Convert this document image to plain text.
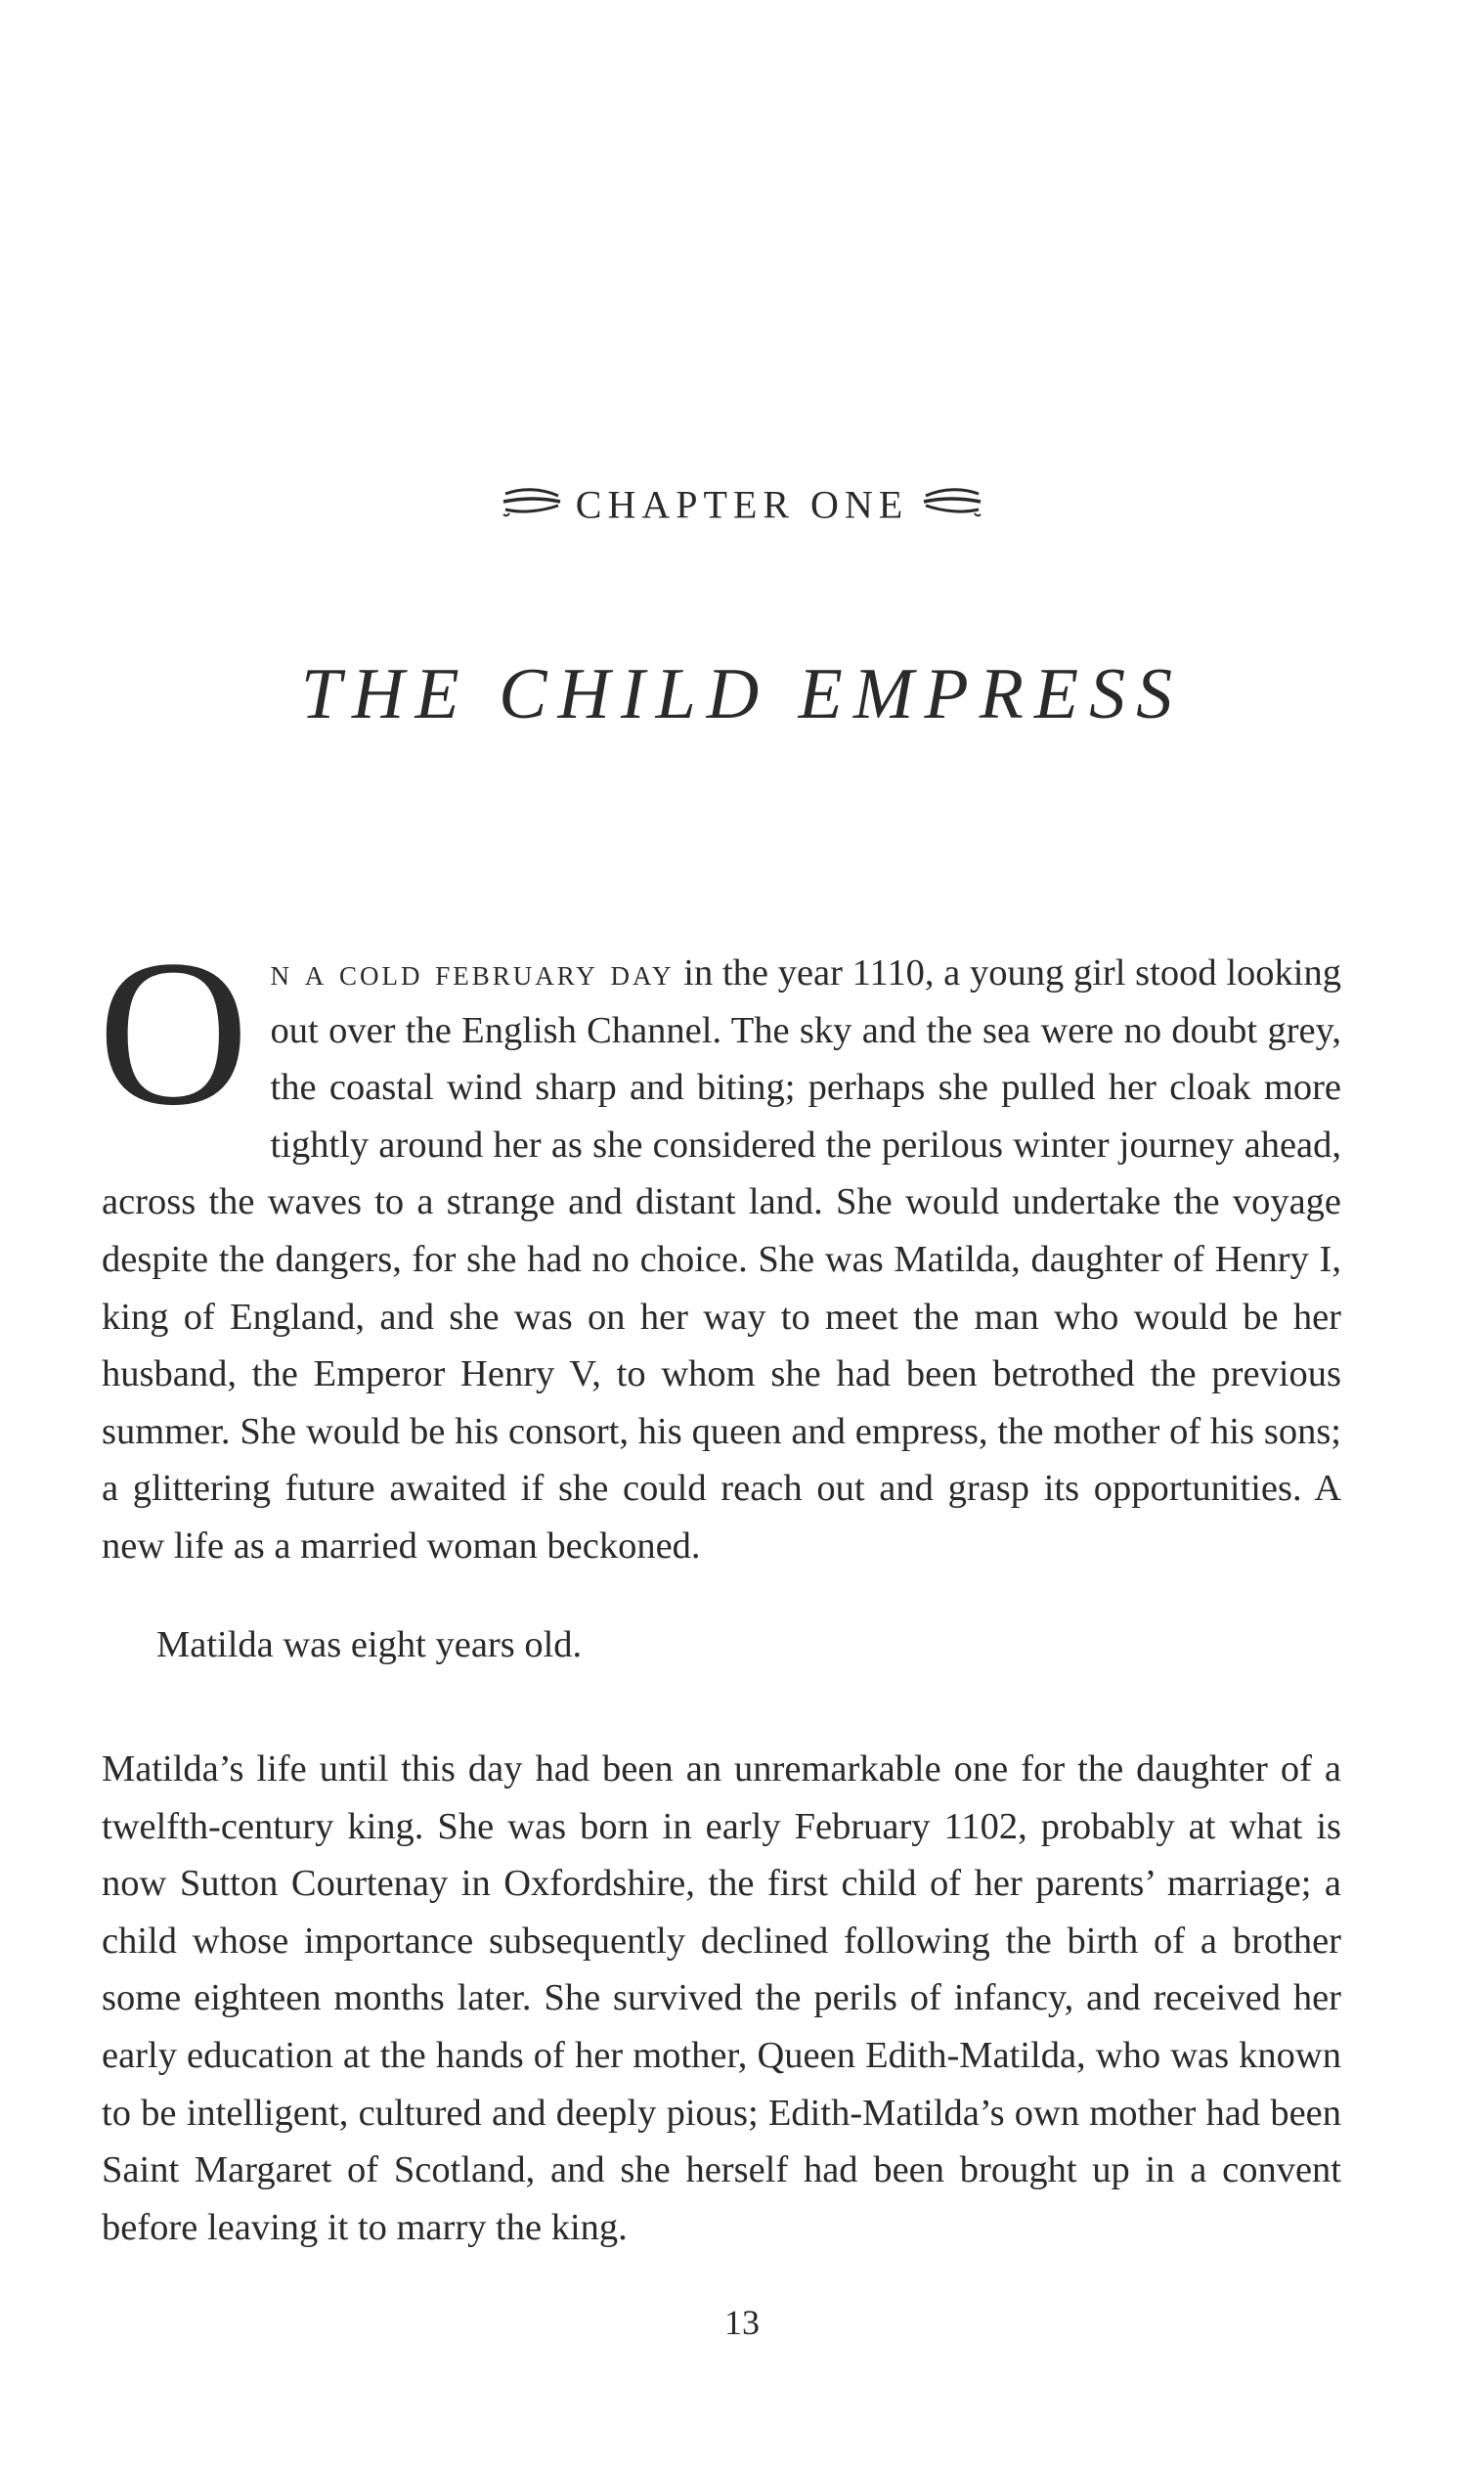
CHAPTER ONE
THE CHILD EMPRESS

On a cold february day in the year 1110, a young girl stood looking out over the English Channel. The sky and the sea were no doubt grey, the coastal wind sharp and biting; perhaps she pulled her cloak more tightly around her as she considered the perilous winter journey ahead, across the waves to a strange and distant land. She would undertake the voyage despite the dangers, for she had no choice. She was Matilda, daughter of Henry I, king of England, and she was on her way to meet the man who would be her husband, the Emperor Henry V, to whom she had been betrothed the previous summer. She would be his consort, his queen and empress, the mother of his sons; a glittering future awaited if she could reach out and grasp its opportunities. A new life as a married woman beckoned.

Matilda was eight years old.

Matilda’s life until this day had been an unremarkable one for the daughter of a twelfth-century king. She was born in early February 1102, probably at what is now Sutton Courtenay in Oxfordshire, the first child of her parents’ marriage; a child whose importance subsequently declined following the birth of a brother some eighteen months later. She survived the perils of infancy, and received her early education at the hands of her mother, Queen Edith-Matilda, who was known to be intelligent, cultured and deeply pious; Edith-Matilda’s own mother had been Saint Margaret of Scotland, and she herself had been brought up in a convent before leaving it to marry the king.

13
